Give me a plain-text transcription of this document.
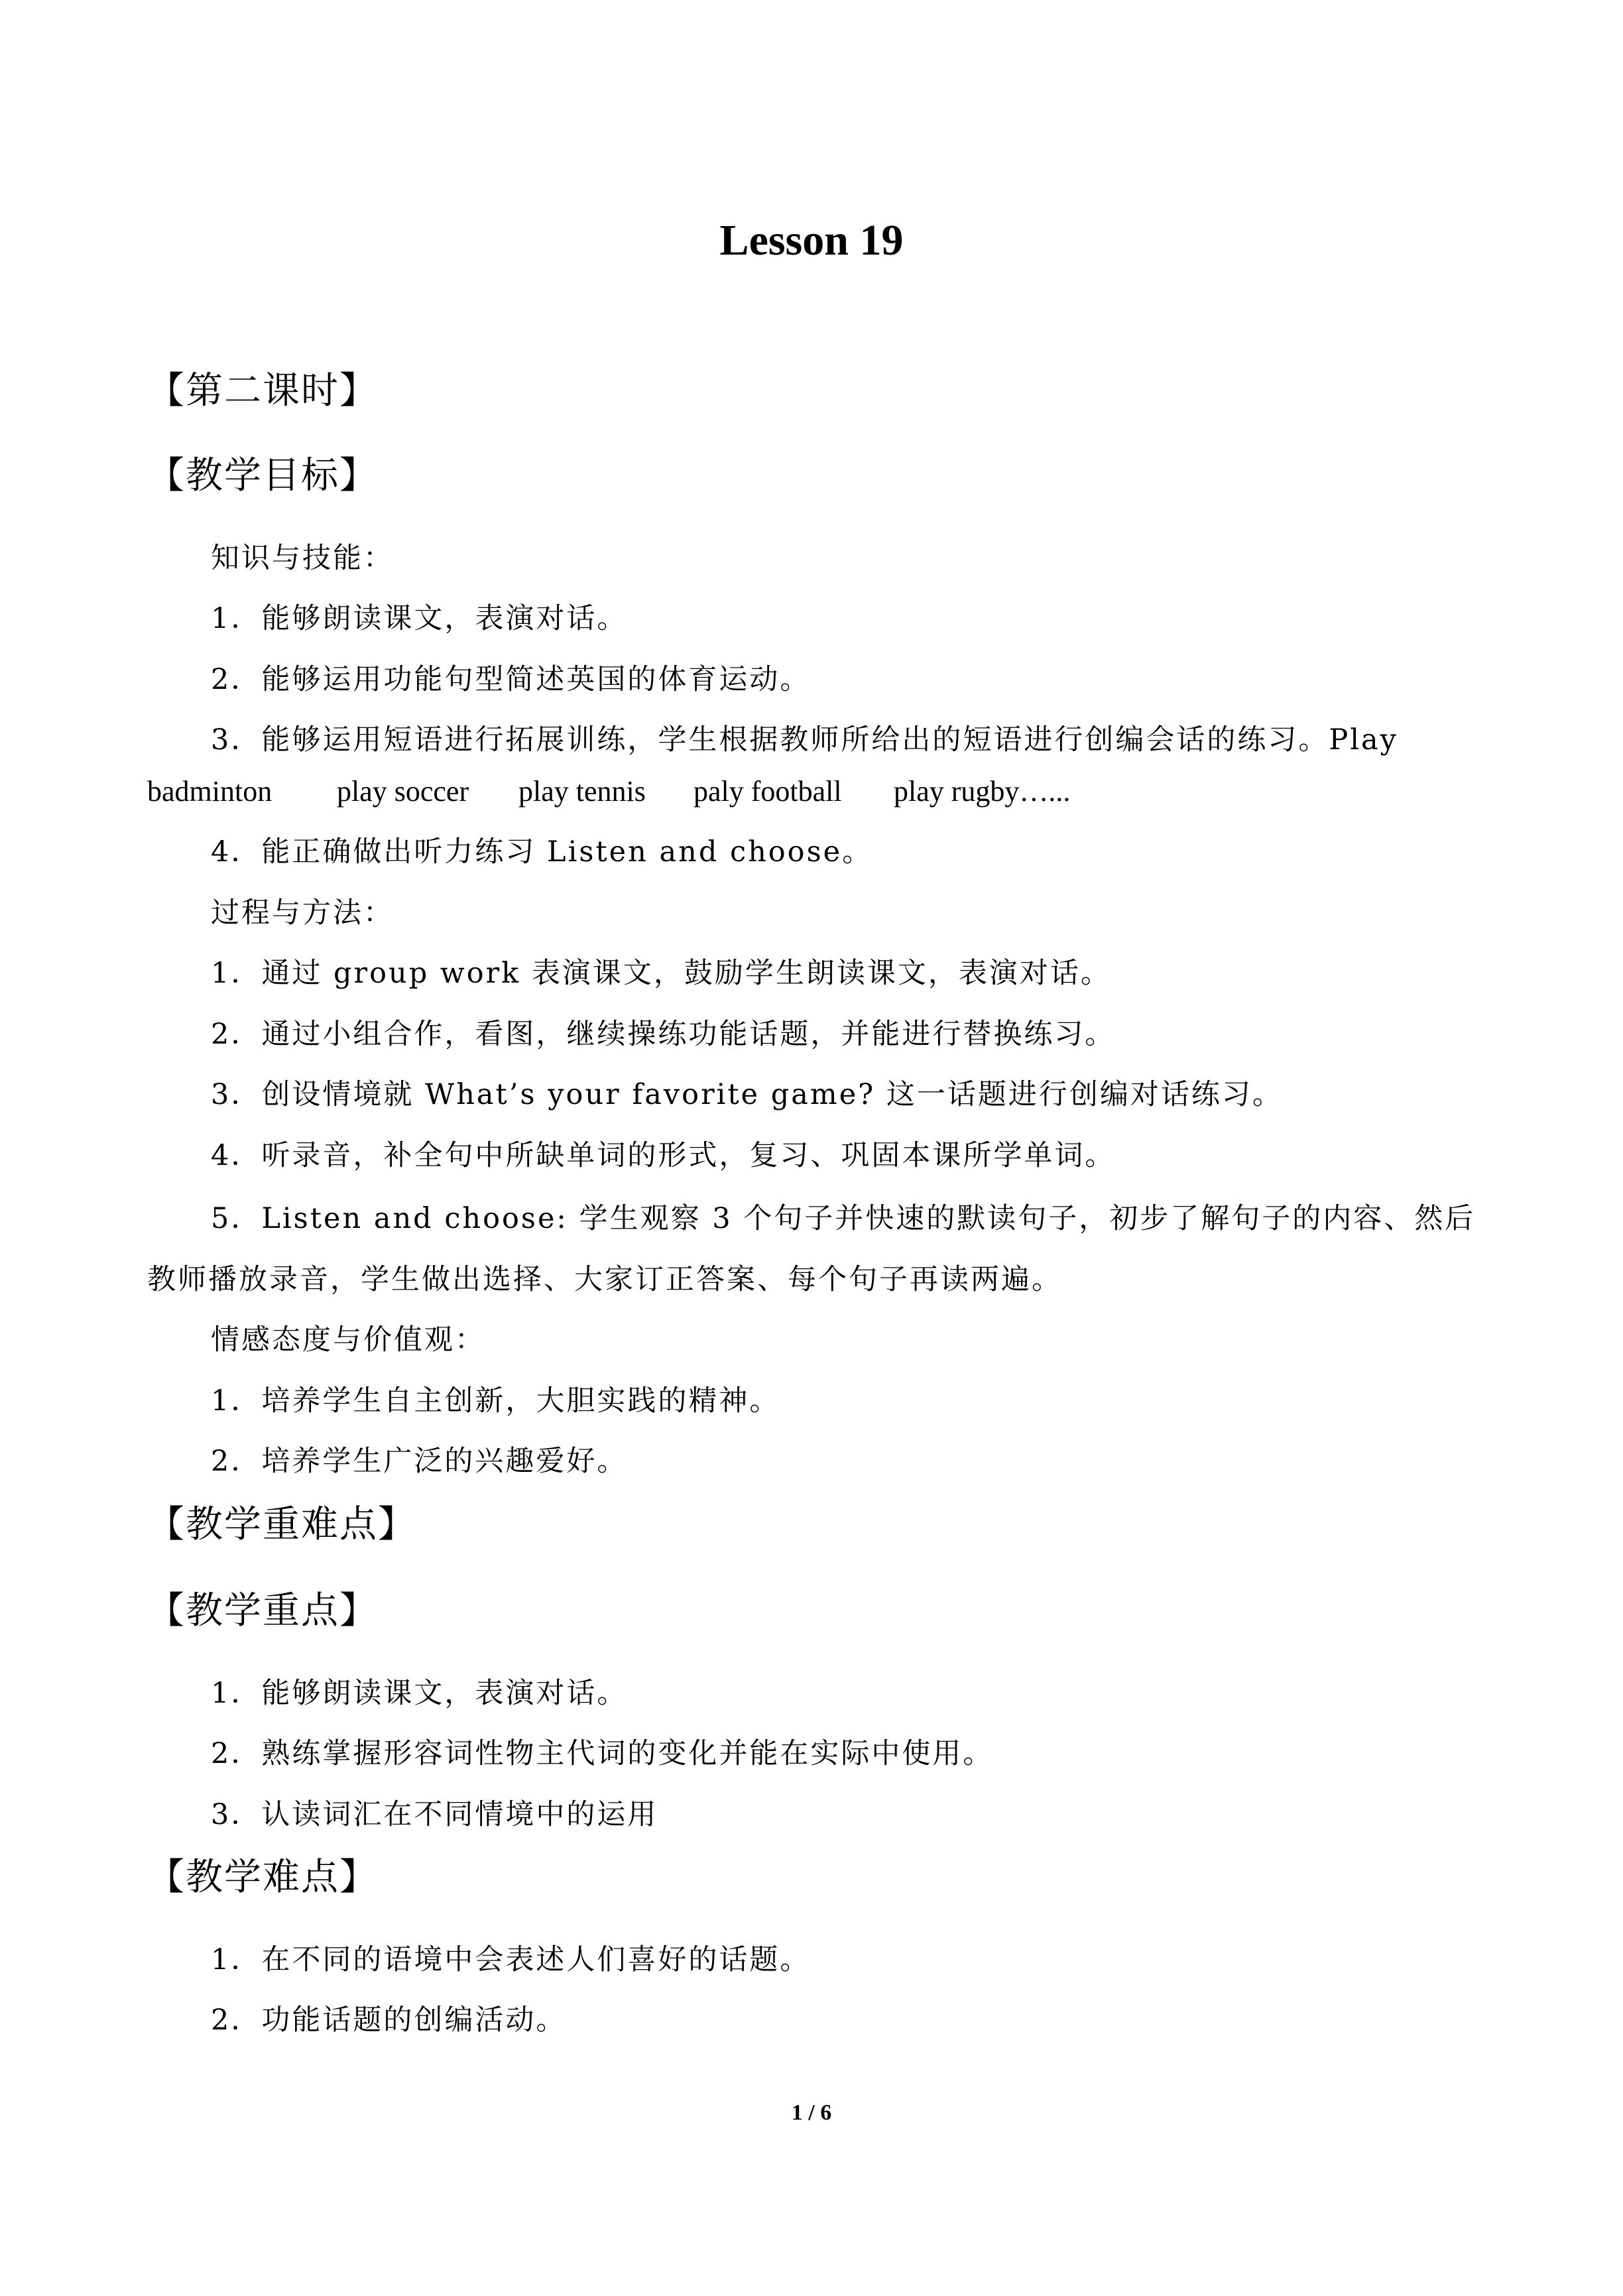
Lesson 19
【第二课时】
【教学目标】
知识与技能：
1．能够朗读课文，表演对话。
2．能够运用功能句型简述英国的体育运动。
3．能够运用短语进行拓展训练，学生根据教师所给出的短语进行创编会话的练习。Play
badminton play soccer play tennis paly football play rugby…...
4．能正确做出听力练习 Listen and choose。
过程与方法：
1．通过 group work 表演课文，鼓励学生朗读课文，表演对话。
2．通过小组合作，看图，继续操练功能话题，并能进行替换练习。
3．创设情境就 What’s your favorite game? 这一话题进行创编对话练习。
4．听录音，补全句中所缺单词的形式，复习、巩固本课所学单词。
5．Listen and choose: 学生观察 3 个句子并快速的默读句子，初步了解句子的内容、然后
教师播放录音，学生做出选择、大家订正答案、每个句子再读两遍。
情感态度与价值观：
1．培养学生自主创新，大胆实践的精神。
2．培养学生广泛的兴趣爱好。
【教学重难点】
【教学重点】
1．能够朗读课文，表演对话。
2．熟练掌握形容词性物主代词的变化并能在实际中使用。
3．认读词汇在不同情境中的运用
【教学难点】
1．在不同的语境中会表述人们喜好的话题。
2．功能话题的创编活动。
1 / 6
